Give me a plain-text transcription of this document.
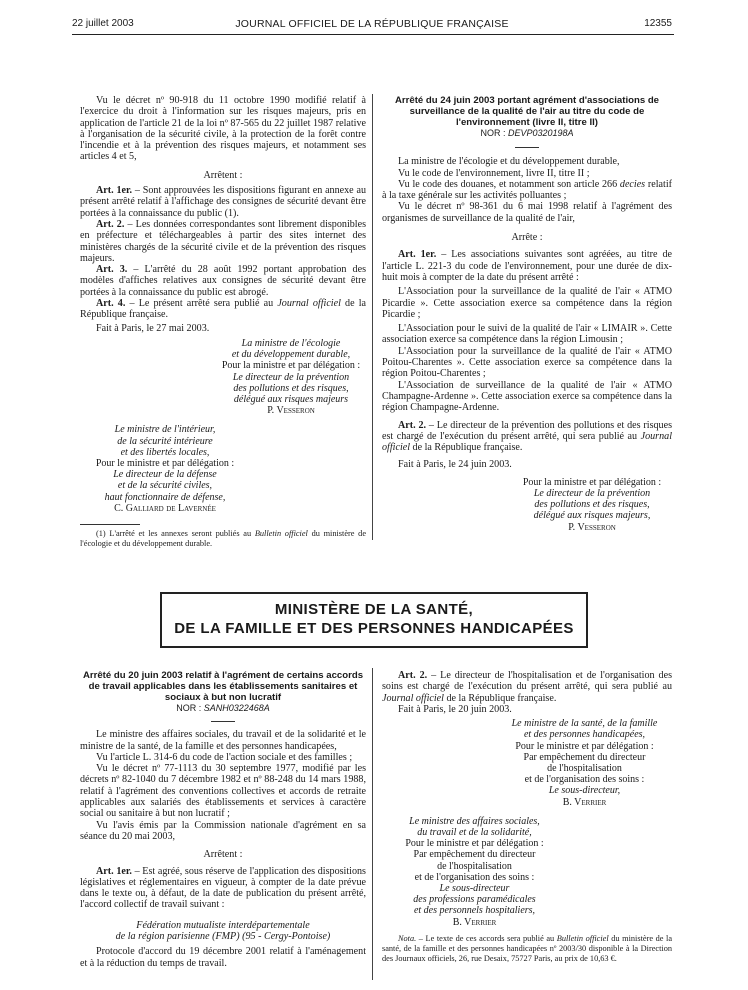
22 juillet 2003	JOURNAL OFFICIEL DE LA RÉPUBLIQUE FRANÇAISE	12355

Vu le décret nº 90-918 du 11 octobre 1990 modifié relatif à l'exercice du droit à l'information sur les risques majeurs, pris en application de l'article 21 de la loi nº 87-565 du 22 juillet 1987 relative à l'organisation de la sécurité civile, à la protection de la forêt contre l'incendie et à la prévention des risques majeurs, et notamment ses articles 4 et 5,

Arrêtent :

Art. 1er. – Sont approuvées les dispositions figurant en annexe au présent arrêté relatif à l'affichage des consignes de sécurité devant être portées à la connaissance du public (1).

Art. 2. – Les données correspondantes sont librement disponibles en préfecture et téléchargeables à partir des sites internet des ministères chargés de la sécurité civile et de la prévention des risques majeurs.

Art. 3. – L'arrêté du 28 août 1992 portant approbation des modèles d'affiches relatives aux consignes de sécurité devant être portées à la connaissance du public est abrogé.

Art. 4. – Le présent arrêté sera publié au Journal officiel de la République française.

Fait à Paris, le 27 mai 2003.

La ministre de l'écologie
et du développement durable,
Pour la ministre et par délégation :
Le directeur de la prévention
des pollutions et des risques,
délégué aux risques majeurs
P. Vesseron
Le ministre de l'intérieur,
de la sécurité intérieure
et des libertés locales,
Pour le ministre et par délégation :
Le directeur de la défense
et de la sécurité civiles,
haut fonctionnaire de défense,
C. Galliard de Lavernée

(1) L'arrêté et les annexes seront publiés au Bulletin officiel du ministère de l'écologie et du développement durable.

Arrêté du 24 juin 2003 portant agrément d'associations de surveillance de la qualité de l'air au titre du code de l'environnement (livre II, titre II)

NOR : DEVP0320198A

La ministre de l'écologie et du développement durable,

Vu le code de l'environnement, livre II, titre II ;

Vu le code des douanes, et notamment son article 266 decies relatif à la taxe générale sur les activités polluantes ;

Vu le décret nº 98-361 du 6 mai 1998 relatif à l'agrément des organismes de surveillance de la qualité de l'air,

Arrête :

Art. 1er. – Les associations suivantes sont agréées, au titre de l'article L. 221-3 du code de l'environnement, pour une durée de dix-huit mois à compter de la date du présent arrêté :

L'Association pour la surveillance de la qualité de l'air « ATMO Picardie ». Cette association exerce sa compétence dans la région Picardie ;

L'Association pour le suivi de la qualité de l'air « LIMAIR ». Cette association exerce sa compétence dans la région Limousin ;

L'Association pour la surveillance de la qualité de l'air « ATMO Poitou-Charentes ». Cette association exerce sa compétence dans la région Poitou-Charentes ;

L'Association de surveillance de la qualité de l'air « ATMO Champagne-Ardenne ». Cette association exerce sa compétence dans la région Champagne-Ardenne.

Art. 2. – Le directeur de la prévention des pollutions et des risques est chargé de l'exécution du présent arrêté, qui sera publié au Journal officiel de la République française.

Fait à Paris, le 24 juin 2003.

Pour la ministre et par délégation :
Le directeur de la prévention
des pollutions et des risques,
délégué aux risques majeurs,
P. Vesseron
MINISTÈRE DE LA SANTÉ,
DE LA FAMILLE ET DES PERSONNES HANDICAPÉES

Arrêté du 20 juin 2003 relatif à l'agrément de certains accords de travail applicables dans les établissements sanitaires et sociaux à but non lucratif

NOR : SANH0322468A

Le ministre des affaires sociales, du travail et de la solidarité et le ministre de la santé, de la famille et des personnes handicapées,

Vu l'article L. 314-6 du code de l'action sociale et des familles ;

Vu le décret nº 77-1113 du 30 septembre 1977, modifié par les décrets nº 82-1040 du 7 décembre 1982 et nº 88-248 du 14 mars 1988, relatif à l'agrément des conventions collectives et accords de retraite applicables aux salariés des établissements et services à caractère social ou sanitaire à but non lucratif ;

Vu l'avis émis par la Commission nationale d'agrément en sa séance du 20 mai 2003,

Arrêtent :

Art. 1er. – Est agréé, sous réserve de l'application des dispositions législatives et réglementaires en vigueur, à compter de la date prévue dans le texte ou, à défaut, de la date de publication du présent arrêté, l'accord collectif de travail suivant :

Fédération mutualiste interdépartementale

de la région parisienne (FMP) (95 - Cergy-Pontoise)

Protocole d'accord du 19 décembre 2001 relatif à l'aménagement et à la réduction du temps de travail.

Art. 2. – Le directeur de l'hospitalisation et de l'organisation des soins est chargé de l'exécution du présent arrêté, qui sera publié au Journal officiel de la République française.

Fait à Paris, le 20 juin 2003.

Le ministre de la santé, de la famille
et des personnes handicapées,
Pour le ministre et par délégation :
Par empêchement du directeur
de l'hospitalisation
et de l'organisation des soins :
Le sous-directeur,
B. Verrier
Le ministre des affaires sociales,
du travail et de la solidarité,
Pour le ministre et par délégation :
Par empêchement du directeur
de l'hospitalisation
et de l'organisation des soins :
Le sous-directeur
des professions paramédicales
et des personnels hospitaliers,
B. Verrier

Nota. – Le texte de ces accords sera publié au Bulletin officiel du ministère de la santé, de la famille et des personnes handicapées nº 2003/30 disponible à la Direction des Journaux officiels, 26, rue Desaix, 75727 Paris, au prix de 10,63 €.
